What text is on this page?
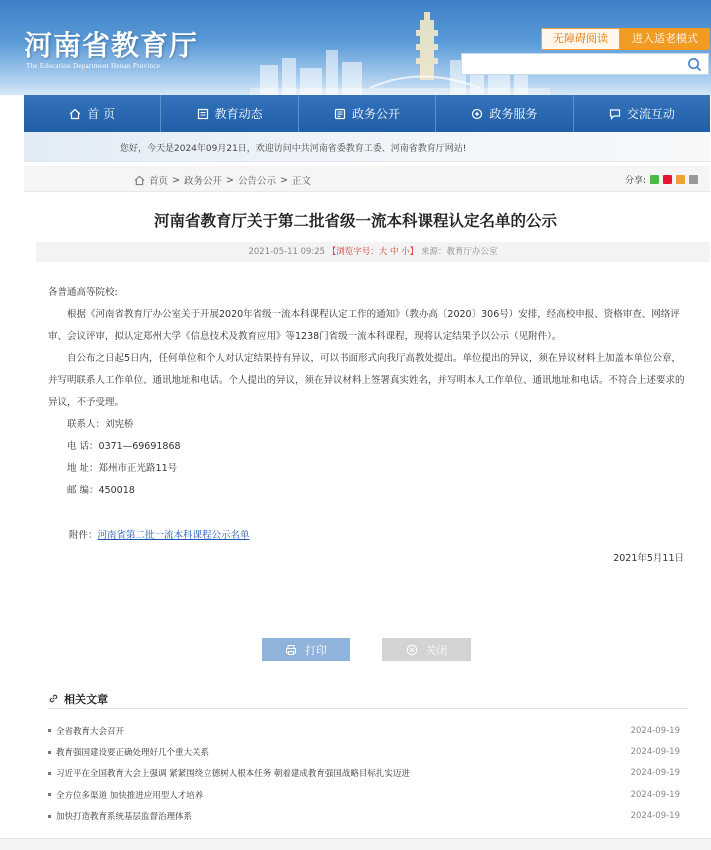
河南省教育厅
The Education Department Henan Province
无障碍阅读	进入适老模式
首 页	教育动态	政务公开	政务服务	交流互动
您好，今天是2024年09月21日，欢迎访问中共河南省委教育工委、河南省教育厅网站!
首页 > 政务公开 > 公告公示 > 正文	分享:
河南省教育厅关于第二批省级一流本科课程认定名单的公示
2021-05-11 09:25 【浏览字号：大 中 小】 来源：教育厅办公室

各普通高等院校:

根据《河南省教育厅办公室关于开展2020年省级一流本科课程认定工作的通知》（教办高〔2020〕306号）安排，经高校申报、资格审查、网络评审、会议评审，拟认定郑州大学《信息技术及教育应用》等1238门省级一流本科课程，现将认定结果予以公示（见附件）。

自公布之日起5日内，任何单位和个人对认定结果持有异议，可以书面形式向我厅高教处提出。单位提出的异议，须在异议材料上加盖本单位公章，并写明联系人工作单位、通讯地址和电话。个人提出的异议，须在异议材料上签署真实姓名，并写明本人工作单位、通讯地址和电话。不符合上述要求的异议，不予受理。

联系人：刘宪桥

电 话：0371—69691868

地 址：郑州市正光路11号

邮 编：450018

附件：河南省第二批一流本科课程公示名单
2021年5月11日
打印	关闭
相关文章
全省教育大会召开	2024-09-19
教育强国建设要正确处理好几个重大关系	2024-09-19
习近平在全国教育大会上强调 紧紧围绕立德树人根本任务 朝着建成教育强国战略目标扎实迈进	2024-09-19
全方位多渠道 加快推进应用型人才培养	2024-09-19
加快打造教育系统基层监督治理体系	2024-09-19
